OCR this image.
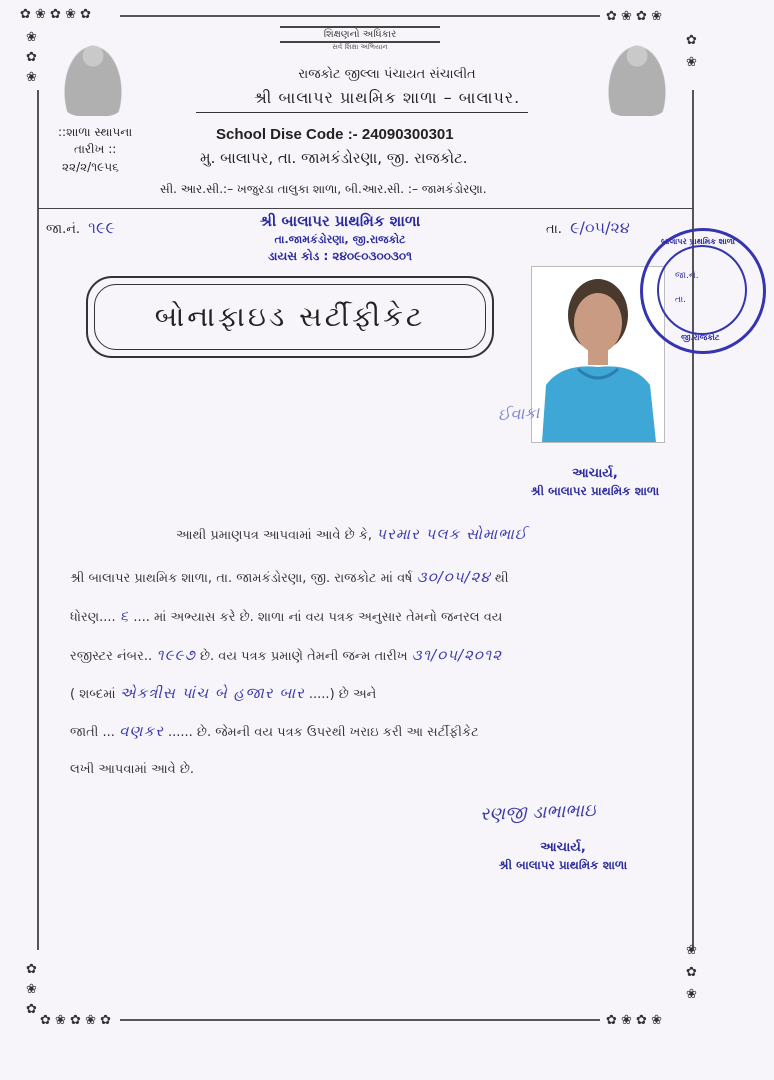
✿ ❀ ✿ ❀ ✿	✿ ❀ ✿ ❀
❀
✿
❀
✿
❀
✿
❀
✿
✿ ❀ ✿ ❀ ✿	✿ ❀ ✿ ❀
❀
✿
❀
શિક્ષણનો અધિકાર
સર્વ શિક્ષા અભિયાન
રાજકોટ જીલ્લા પંચાયત સંચાલીત
શ્રી બાલાપર પ્રાથમિક શાળા – બાલાપર.
::શાળા સ્થાપના
તારીખ ::
૨૨/૨/૧૯૫૬
School Dise Code :- 24090300301
મુ. બાલાપર, તા. જામકંડોરણા, જી. રાજકોટ.
સી. આર.સી.:– ખજુરડા તાલુકા શાળા, બી.આર.સી. :– જામકંડોરણા.
જા.નં. ૧૯૯	તા. ૯/૦૫/૨૪
શ્રી બાલાપર પ્રાથમિક શાળા
તા.જામકંડોરણા, જી.રાજકોટ
ડાયસ કોડ : ૨૪૦૯૦૩૦૦૩૦૧
બોનાફાઇડ સર્ટીફીકેટ
ઈવાકા
બાલાપર પ્રાથમિક શાળા
જા.નં.
તા.
જી.રાજકોટ
આચાર્ય,
શ્રી બાલાપર પ્રાથમિક શાળા
આથી પ્રમાણપત્ર આપવામાં આવે છે કે, પરમાર પલક સોમાભાઈ
શ્રી બાલાપર પ્રાથમિક શાળા, તા. જામકંડોરણા, જી. રાજકોટ માં વર્ષ ૩૦/૦૫/૨૪ થી
ધોરણ.... ૬ .... માં અભ્યાસ કરે છે. શાળા નાં વય પત્રક અનુસાર તેમનો જનરલ વય
રજીસ્ટર નંબર.. ૧૯૯૭ છે. વય પત્રક પ્રમાણે તેમની જન્મ તારીખ ૩૧/૦૫/૨૦૧૨
( શબ્દમાં એકત્રીસ પાંચ બે હજાર બાર .....) છે અને
જાતી ... વણકર ...... છે. જેમની વય પત્રક ઉપરથી ખરાઇ કરી આ સર્ટીફીકેટ
લખી આપવામાં આવે છે.
રણજી ડાભાભાઇ
આચાર્ય,
શ્રી બાલાપર પ્રાથમિક શાળા
